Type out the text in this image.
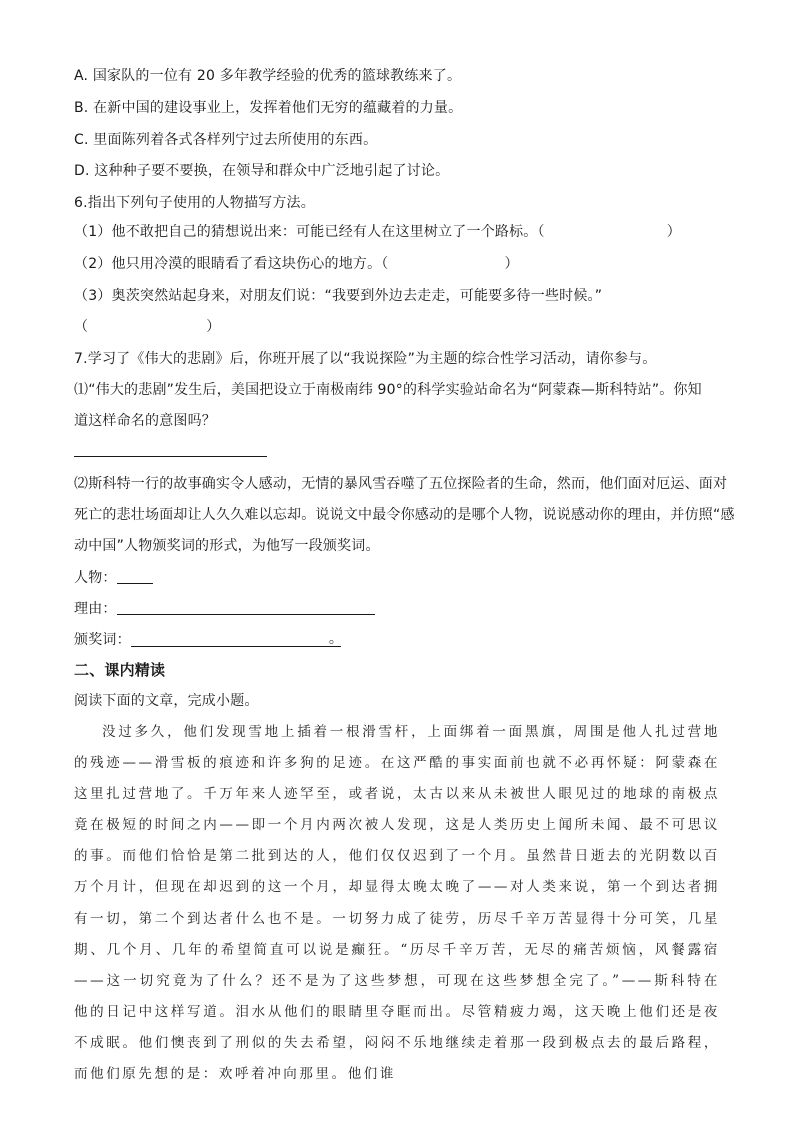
A. 国家队的一位有 20 多年教学经验的优秀的篮球教练来了。
B. 在新中国的建设事业上，发挥着他们无穷的蕴藏着的力量。
C. 里面陈列着各式各样列宁过去所使用的东西。
D. 这种种子要不要换，在领导和群众中广泛地引起了讨论。
6.指出下列句子使用的人物描写方法。
（1）他不敢把自己的猜想说出来：可能已经有人在这里树立了一个路标。（	）
（2）他只用冷漠的眼睛看了看这块伤心的地方。（	）
（3）奥茨突然站起身来，对朋友们说：“我要到外边去走走，可能要多待一些时候。”
（	）
7.学习了《伟大的悲剧》后，你班开展了以“我说探险”为主题的综合性学习活动，请你参与。
⑴“伟大的悲剧”发生后，美国把设立于南极南纬 90°的科学实验站命名为“阿蒙森—斯科特站”。你知
道这样命名的意图吗？
⑵斯科特一行的故事确实令人感动，无情的暴风雪吞噬了五位探险者的生命，然而，他们面对厄运、面对
死亡的悲壮场面却让人久久难以忘却。说说文中最令你感动的是哪个人物，说说感动你的理由，并仿照“感
动中国”人物颁奖词的形式，为他写一段颁奖词。
人物：
理由：
颁奖词：	。
二、课内精读
阅读下面的文章，完成小题。
没过多久，他们发现雪地上插着一根滑雪杆，上面绑着一面黑旗，周围是他人扎过营地的残迹——滑雪板的痕迹和许多狗的足迹。在这严酷的事实面前也就不必再怀疑：阿蒙森在这里扎过营地了。千万年来人迹罕至，或者说，太古以来从未被世人眼见过的地球的南极点竟在极短的时间之内——即一个月内两次被人发现，这是人类历史上闻所未闻、最不可思议的事。而他们恰恰是第二批到达的人，他们仅仅迟到了一个月。虽然昔日逝去的光阴数以百万个月计，但现在却迟到的这一个月，却显得太晚太晚了——对人类来说，第一个到达者拥有一切，第二个到达者什么也不是。一切努力成了徒劳，历尽千辛万苦显得十分可笑，几星期、几个月、几年的希望简直可以说是癫狂。“历尽千辛万苦，无尽的痛苦烦恼，风餐露宿——这一切究竟为了什么？还不是为了这些梦想，可现在这些梦想全完了。”——斯科特在他的日记中这样写道。泪水从他们的眼睛里夺眶而出。尽管精疲力竭，这天晚上他们还是夜不成眠。他们懊丧到了刑似的失去希望，闷闷不乐地继续走着那一段到极点去的最后路程，而他们原先想的是：欢呼着冲向那里。他们谁
